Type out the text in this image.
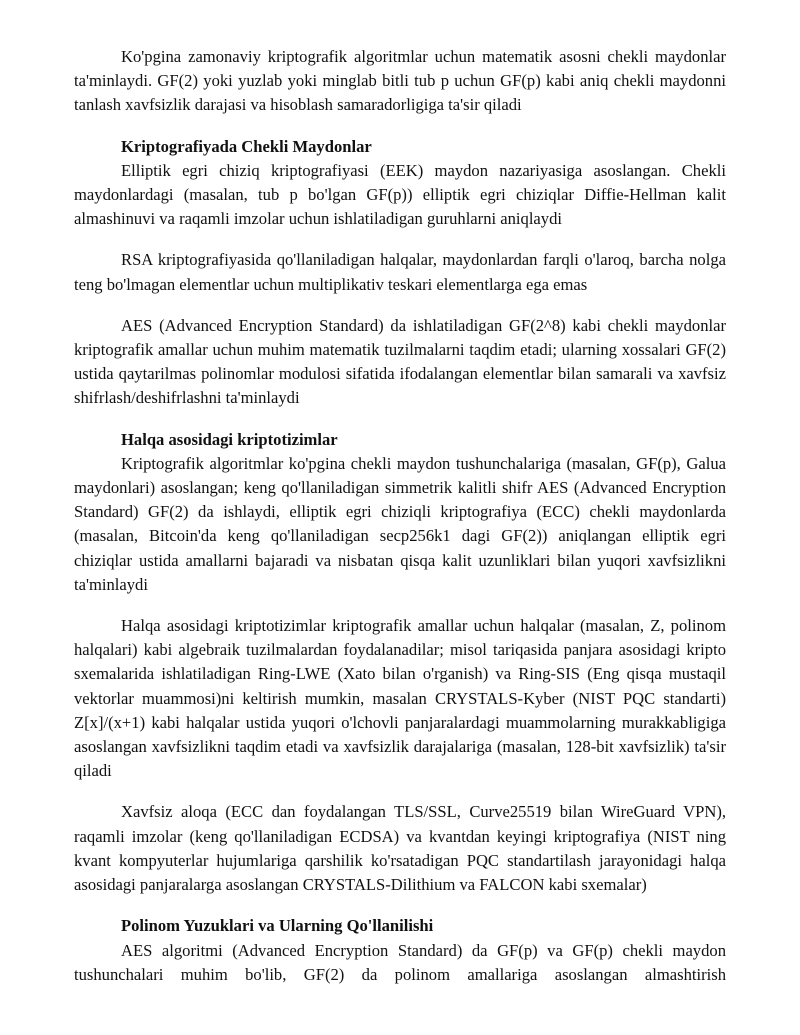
Ko'pgina zamonaviy kriptografik algoritmlar uchun matematik asosni chekli maydonlar ta'minlaydi. GF(2) yoki yuzlab yoki minglab bitli tub p uchun GF(p) kabi aniq chekli maydonni tanlash xavfsizlik darajasi va hisoblash samaradorligiga ta'sir qiladi

Kriptografiyada Chekli Maydonlar

Elliptik egri chiziq kriptografiyasi (EEK) maydon nazariyasiga asoslangan. Chekli maydonlardagi (masalan, tub p bo'lgan GF(p)) elliptik egri chiziqlar Diffie-Hellman kalit almashinuvi va raqamli imzolar uchun ishlatiladigan guruhlarni aniqlaydi

RSA kriptografiyasida qo'llaniladigan halqalar, maydonlardan farqli o'laroq, barcha nolga teng bo'lmagan elementlar uchun multiplikativ teskari elementlarga ega emas

AES (Advanced Encryption Standard) da ishlatiladigan GF(2^8) kabi chekli maydonlar kriptografik amallar uchun muhim matematik tuzilmalarni taqdim etadi; ularning xossalari GF(2) ustida qaytarilmas polinomlar modulosi sifatida ifodalangan elementlar bilan samarali va xavfsiz shifrlash/deshifrlashni ta'minlaydi

Halqa asosidagi kriptotizimlar

Kriptografik algoritmlar ko'pgina chekli maydon tushunchalariga (masalan, GF(p), Galua maydonlari) asoslangan; keng qo'llaniladigan simmetrik kalitli shifr AES (Advanced Encryption Standard) GF(2) da ishlaydi, elliptik egri chiziqli kriptografiya (ECC) chekli maydonlarda (masalan, Bitcoin'da keng qo'llaniladigan secp256k1 dagi GF(2)) aniqlangan elliptik egri chiziqlar ustida amallarni bajaradi va nisbatan qisqa kalit uzunliklari bilan yuqori xavfsizlikni ta'minlaydi

Halqa asosidagi kriptotizimlar kriptografik amallar uchun halqalar (masalan, Z, polinom halqalari) kabi algebraik tuzilmalardan foydalanadilar; misol tariqasida panjara asosidagi kripto sxemalarida ishlatiladigan Ring-LWE (Xato bilan o'rganish) va Ring-SIS (Eng qisqa mustaqil vektorlar muammosi)ni keltirish mumkin, masalan CRYSTALS-Kyber (NIST PQC standarti) Z[x]/(x+1) kabi halqalar ustida yuqori o'lchovli panjaralardagi muammolarning murakkabligiga asoslangan xavfsizlikni taqdim etadi va xavfsizlik darajalariga (masalan, 128-bit xavfsizlik) ta'sir qiladi

Xavfsiz aloqa (ECC dan foydalangan TLS/SSL, Curve25519 bilan WireGuard VPN), raqamli imzolar (keng qo'llaniladigan ECDSA) va kvantdan keyingi kriptografiya (NIST ning kvant kompyuterlar hujumlariga qarshilik ko'rsatadigan PQC standartilash jarayonidagi halqa asosidagi panjaralarga asoslangan CRYSTALS-Dilithium va FALCON kabi sxemalar)

Polinom Yuzuklari va Ularning Qo'llanilishi

AES algoritmi (Advanced Encryption Standard) da GF(p) va GF(p) chekli maydon tushunchalari muhim bo'lib, GF(2) da polinom amallariga asoslangan almashtirish
